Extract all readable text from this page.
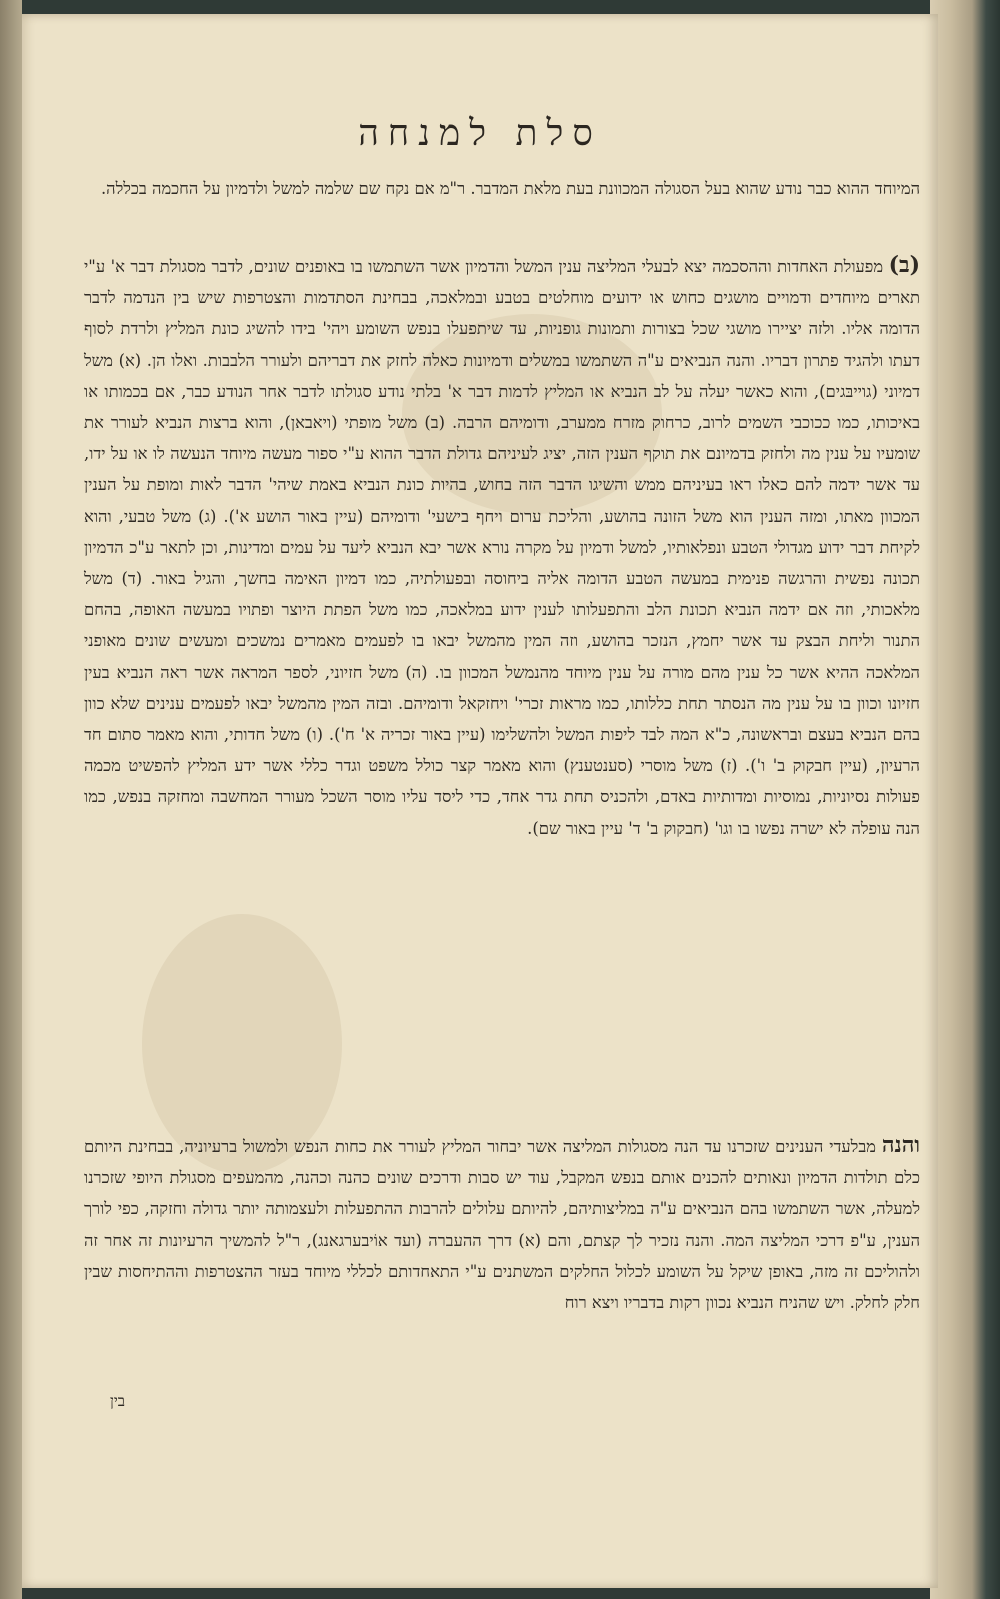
סלת למנחה
המיוחד ההוא כבר נודע שהוא בעל הסגולה המכוונת בעת מלאת המדבר. ר"מ אם נקח שם שלמה למשל ולדמיון על החכמה בכללה.
(ב) מפעולת האחדות וההסכמה יצא לבעלי המליצה ענין המשל והדמיון אשר השתמשו בו באופנים שונים, לדבר מסגולת דבר א' ע"י תארים מיוחדים ודמויים מושגים כחוש או ידועים מוחלטים בטבע ובמלאכה, בבחינת הסתדמות והצטרפות שיש בין הנדמה לדבר הדומה אליו. ולזה יציירו מושגי שכל בצורות ותמונות גופניות, עד שיתפעלו בנפש השומע ויהי' בידו להשיג כונת המליץ ולרדת לסוף דעתו ולהגיד פתרון דבריו. והנה הנביאים ע"ה השתמשו במשלים ודמיונות כאלה לחזק את דבריהם ולעורר הלבבות. ואלו הן. (א) משל דמיוני (גוייבּגים), והוא כאשר יעלה על לב הנביא או המליץ לדמות דבר א' בלתי נודע סגולתו לדבר אחר הנודע כבר, אם בכמותו או באיכותו, כמו ככוכבי השמים לרוב, כרחוק מזרח ממערב, ודומיהם הרבה. (ב) משל מופתי (ויאבאן), והוא ברצות הנביא לעורר את שומעיו על ענין מה ולחזק בדמיונם את תוקף הענין הזה, יציג לעיניהם גדולת הדבר ההוא ע"י ספור מעשה מיוחד הנעשה לו או על ידו, עד אשר ידמה להם כאלו ראו בעיניהם ממש והשיגו הדבר הזה בחוש, בהיות כונת הנביא באמת שיהי' הדבר לאות ומופת על הענין המכוון מאתו, ומזה הענין הוא משל הזונה בהושע, והליכת ערום ויחף בישעי' ודומיהם (עיין באור הושע א'). (ג) משל טבעי, והוא לקיחת דבר ידוע מגדולי הטבע ונפלאותיו, למשל ודמיון על מקרה נורא אשר יבא הנביא ליעד על עמים ומדינות, וכן לתאר ע"כ הדמיון תכונה נפשית והרגשה פנימית במעשה הטבע הדומה אליה ביחוסה ובפעולתיה, כמו דמיון האימה בחשך, והגיל באור. (ד) משל מלאכותי, וזה אם ידמה הנביא תכונת הלב והתפעלותו לענין ידוע במלאכה, כמו משל הפתת היוצר ופתויו במעשה האופה, בהחם התנור וליחת הבצק עד אשר יחמץ, הנזכר בהושע, וזה המין מהמשל יבאו בו לפעמים מאמרים נמשכים ומעשים שונים מאופני המלאכה ההיא אשר כל ענין מהם מורה על ענין מיוחד מהנמשל המכוון בו. (ה) משל חזיוני, לספר המראה אשר ראה הנביא בעין חזיונו וכוון בו על ענין מה הנסתר תחת כללותו, כמו מראות זכרי' ויחזקאל ודומיהם. ובזה המין מהמשל יבאו לפעמים ענינים שלא כוון בהם הנביא בעצם ובראשונה, כ"א המה לבד ליפות המשל ולהשלימו (עיין באור זכריה א' ח'). (ו) משל חדותי, והוא מאמר סתום חד הרעיון, (עיין חבקוק ב' ו'). (ז) משל מוסרי (סענטענץ) והוא מאמר קצר כולל משפט וגדר כללי אשר ידע המליץ להפשיט מכמה פעולות נסיוניות, נמוסיות ומדותיות באדם, ולהכניס תחת גדר אחד, כדי ליסד עליו מוסר השכל מעורר המחשבה ומחזקה בנפש, כמו הנה עופלה לא ישרה נפשו בו וגו' (חבקוק ב' ד' עיין באור שם).
והנה מבלעדי הענינים שזכרנו עד הנה מסגולות המליצה אשר יבחור המליץ לעורר את כחות הנפש ולמשול ברעיוניה, בבחינת היותם כלם תולדות הדמיון ונאותים להכנים אותם בנפש המקבל, עוד יש סבות ודרכים שונים כהנה וכהנה, מהמעפים מסגולת היופי שזכרנו למעלה, אשר השתמשו בהם הנביאים ע"ה במליצותיהם, להיותם עלולים להרבות ההתפעלות ולעצמותה יותר גדולה וחזקה, כפי לורך הענין, ע"פ דרכי המליצה המה. והנה נזכיר לך קצתם, והם (א) דרך ההעברה (ועד אוֹיבערגאנג), ר"ל להמשיך הרעיונות זה אחר זה ולהוליכם זה מזה, באופן שיקל על השומע לכלול החלקים המשתנים ע"י התאחדותם לכללי מיוחד בעזר ההצטרפות וההתיחסות שבין חלק לחלק. ויש שהניח הנביא נכוון רקות בדבריו ויצא רוח
בין
